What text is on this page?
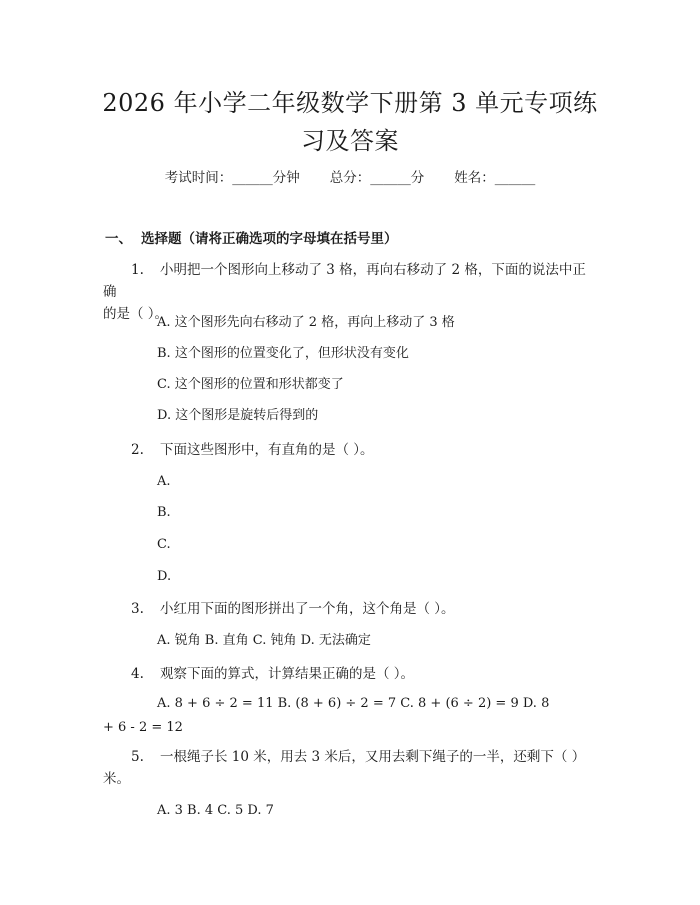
2026 年小学二年级数学下册第 3 单元专项练
习及答案
考试时间：______分钟 总分：______分 姓名：______
一、 选择题（请将正确选项的字母填在括号里）
1. 小明把一个图形向上移动了 3 格，再向右移动了 2 格，下面的说法中正确
的是（ ）。
A. 这个图形先向右移动了 2 格，再向上移动了 3 格
B. 这个图形的位置变化了，但形状没有变化
C. 这个图形的位置和形状都变了
D. 这个图形是旋转后得到的
2. 下面这些图形中，有直角的是（ ）。
A.
B.
C.
D.
3. 小红用下面的图形拼出了一个角，这个角是（ ）。
A. 锐角 B. 直角 C. 钝角 D. 无法确定
4. 观察下面的算式，计算结果正确的是（ ）。
A. 8 + 6 ÷ 2 = 11 B. (8 + 6) ÷ 2 = 7 C. 8 + (6 ÷ 2) = 9 D. 8
+ 6 - 2 = 12
5. 一根绳子长 10 米，用去 3 米后，又用去剩下绳子的一半，还剩下（ ）
米。
A. 3 B. 4 C. 5 D. 7
